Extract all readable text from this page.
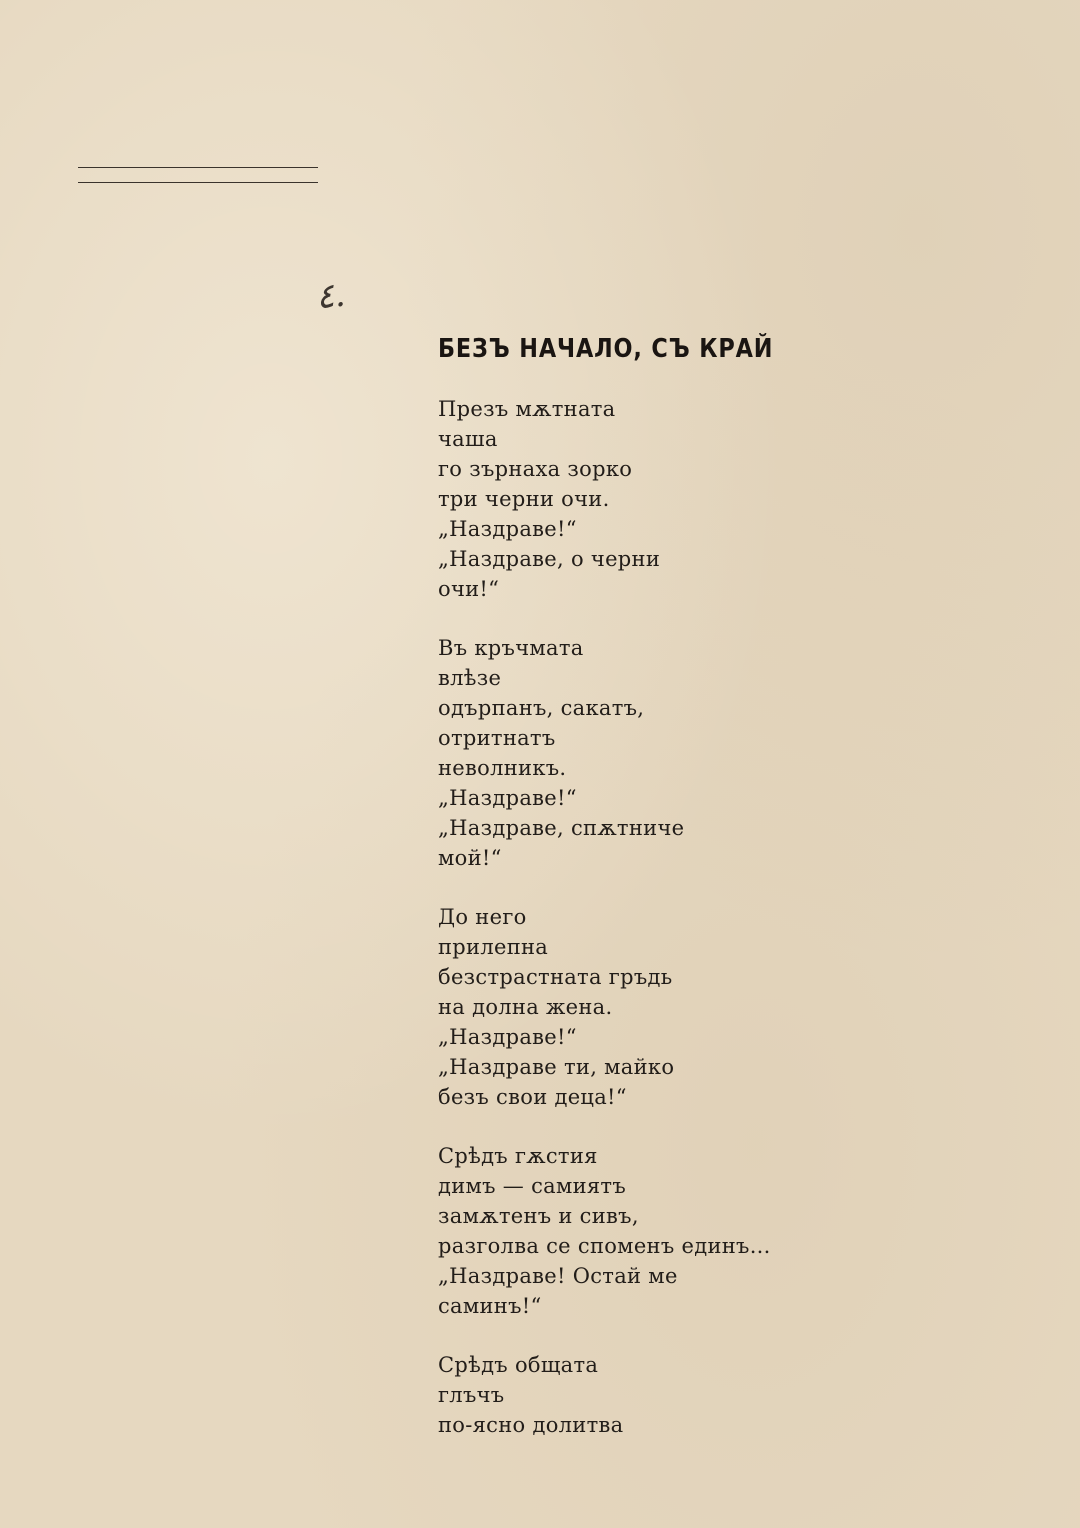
٤.
БЕЗЪ НАЧАЛО, СЪ КРАЙ
Презъ мѫтната
чаша
го зърнаха зорко
три черни очи.
„Наздраве!“
„Наздраве, о черни
очи!“
Въ кръчмата
влѣзе
одърпанъ, сакатъ,
отритнатъ
неволникъ.
„Наздраве!“
„Наздраве, спѫтниче
мой!“
До него
прилепна
безстрастната гръдь
на долна жена.
„Наздраве!“
„Наздраве ти, майко
безъ свои деца!“
Срѣдъ гѫстия
димъ — самиятъ
замѫтенъ и сивъ,
разголва се споменъ единъ...
„Наздраве! Остай ме
саминъ!“
Срѣдъ общата
глъчъ
по-ясно долитва
